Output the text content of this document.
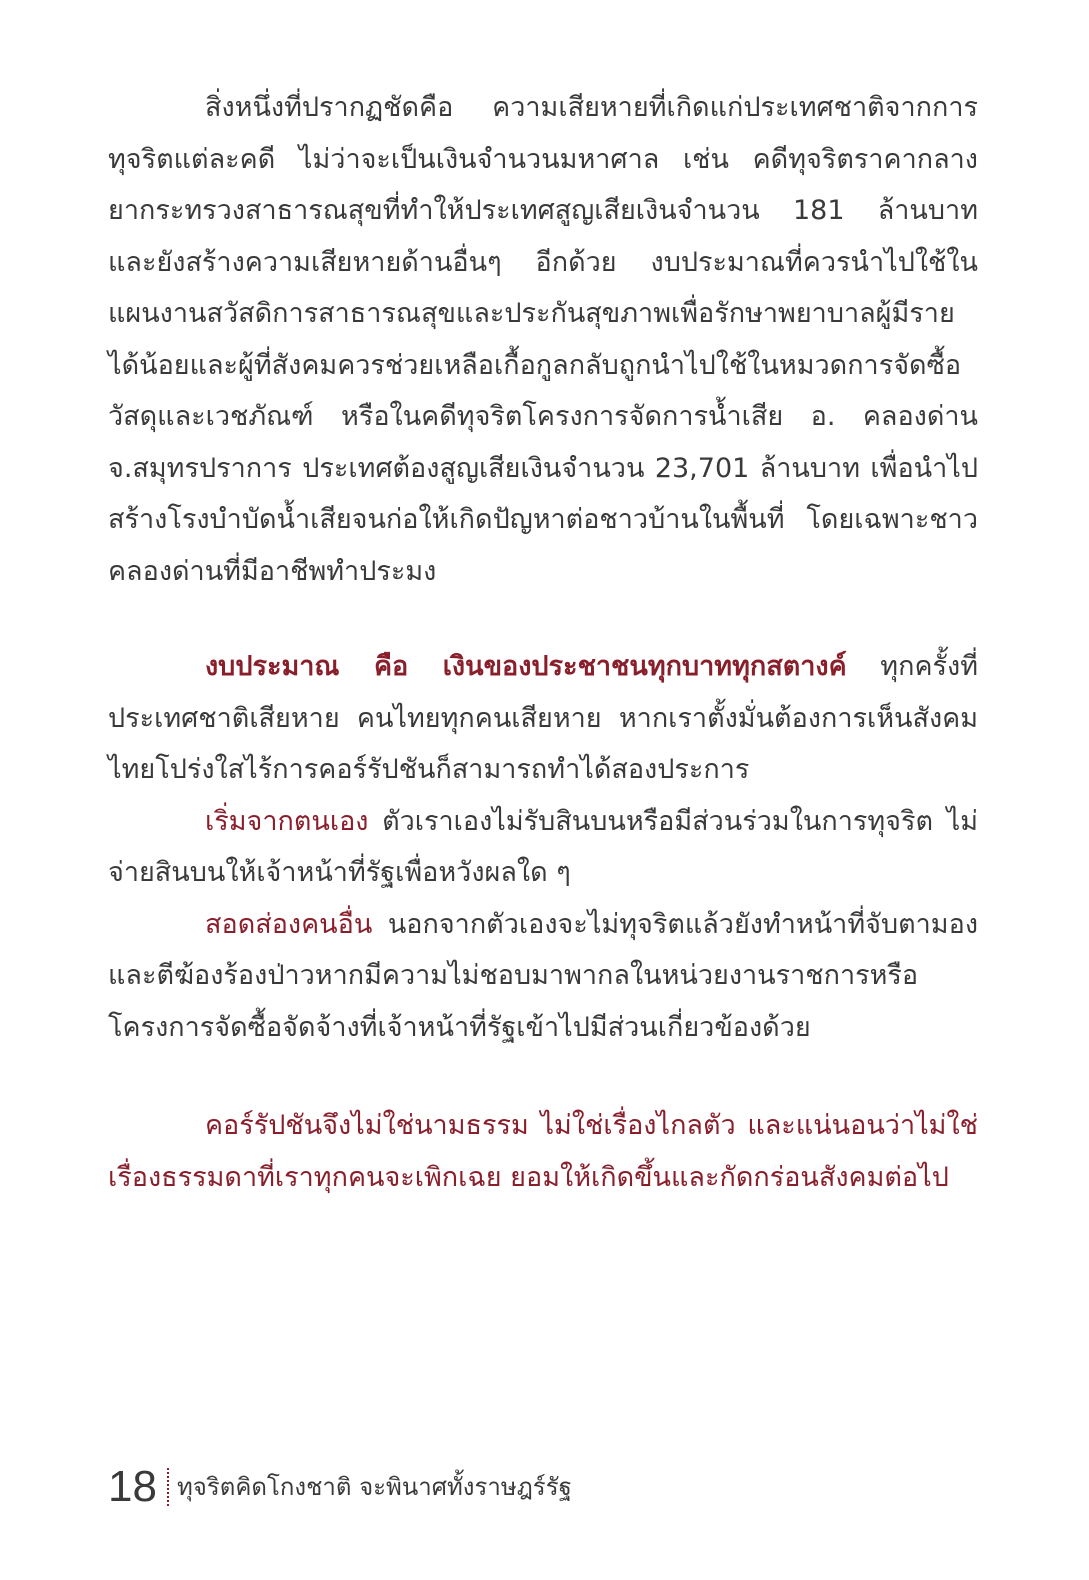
สิ่งหนึ่งที่ปรากฏชัดคือ ความเสียหายที่เกิดแก่ประเทศชาติจากการทุจริตแต่ละคดี ไม่ว่าจะเป็นเงินจำนวนมหาศาล เช่น คดีทุจริตราคากลางยากระทรวงสาธารณสุขที่ทำให้ประเทศสูญเสียเงินจำนวน 181 ล้านบาท และยังสร้างความเสียหายด้านอื่นๆ อีกด้วย งบประมาณที่ควรนำไปใช้ในแผนงานสวัสดิการสาธารณสุขและประกันสุขภาพเพื่อรักษาพยาบาลผู้มีรายได้น้อยและผู้ที่สังคมควรช่วยเหลือเกื้อกูลกลับถูกนำไปใช้ในหมวดการจัดซื้อวัสดุและเวชภัณฑ์ หรือในคดีทุจริตโครงการจัดการน้ำเสีย อ. คลองด่าน จ.สมุทรปราการ ประเทศต้องสูญเสียเงินจำนวน 23,701 ล้านบาท เพื่อนำไปสร้างโรงบำบัดน้ำเสียจนก่อให้เกิดปัญหาต่อชาวบ้านในพื้นที่ โดยเฉพาะชาวคลองด่านที่มีอาชีพทำประมง

งบประมาณ คือ เงินของประชาชนทุกบาททุกสตางค์ ทุกครั้งที่ประเทศชาติเสียหาย คนไทยทุกคนเสียหาย หากเราตั้งมั่นต้องการเห็นสังคมไทยโปร่งใสไร้การคอร์รัปชันก็สามารถทำได้สองประการ

เริ่มจากตนเอง ตัวเราเองไม่รับสินบนหรือมีส่วนร่วมในการทุจริต ไม่จ่ายสินบนให้เจ้าหน้าที่รัฐเพื่อหวังผลใด ๆ

สอดส่องคนอื่น นอกจากตัวเองจะไม่ทุจริตแล้วยังทำหน้าที่จับตามอง และตีฆ้องร้องป่าวหากมีความไม่ชอบมาพากลในหน่วยงานราชการหรือโครงการจัดซื้อจัดจ้างที่เจ้าหน้าที่รัฐเข้าไปมีส่วนเกี่ยวข้องด้วย

คอร์รัปชันจึงไม่ใช่นามธรรม ไม่ใช่เรื่องไกลตัว และแน่นอนว่าไม่ใช่เรื่องธรรมดาที่เราทุกคนจะเพิกเฉย ยอมให้เกิดขึ้นและกัดกร่อนสังคมต่อไป

18 ทุจริตคิดโกงชาติ จะพินาศทั้งราษฎร์รัฐ
